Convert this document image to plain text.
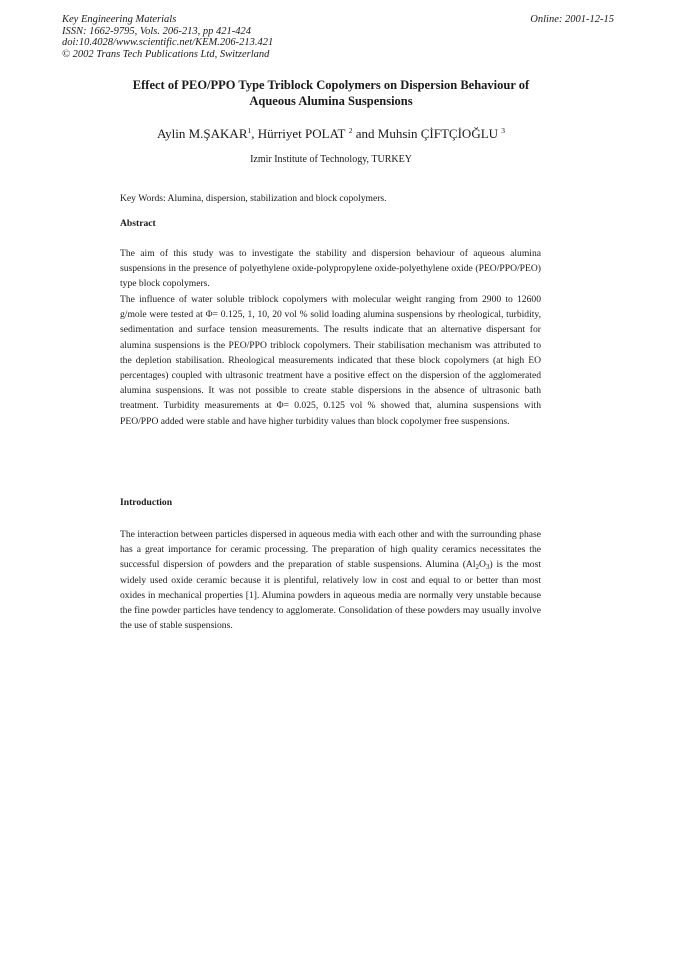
Key Engineering Materials
ISSN: 1662-9795, Vols. 206-213, pp 421-424
doi:10.4028/www.scientific.net/KEM.206-213.421
© 2002 Trans Tech Publications Ltd, Switzerland
Online: 2001-12-15
Effect of PEO/PPO Type Triblock Copolymers on Dispersion Behaviour of
Aqueous Alumina Suspensions
Aylin M.ŞAKAR$^1$, Hürriyet POLAT $^2$ and Muhsin ÇİFTÇİOĞLU $^3$
Izmir Institute of Technology, TURKEY
Key Words: Alumina, dispersion, stabilization and block copolymers.
Abstract
The aim of this study was to investigate the stability and dispersion behaviour of aqueous alumina suspensions in the presence of polyethylene oxide-polypropylene oxide-polyethylene oxide (PEO/PPO/PEO) type block copolymers.
The influence of water soluble triblock copolymers with molecular weight ranging from 2900 to 12600 g/mole were tested at Φ= 0.125, 1, 10, 20 vol % solid loading alumina suspensions by rheological, turbidity, sedimentation and surface tension measurements. The results indicate that an alternative dispersant for alumina suspensions is the PEO/PPO triblock copolymers. Their stabilisation mechanism was attributed to the depletion stabilisation. Rheological measurements indicated that these block copolymers (at high EO percentages) coupled with ultrasonic treatment have a positive effect on the dispersion of the agglomerated alumina suspensions. It was not possible to create stable dispersions in the absence of ultrasonic bath treatment. Turbidity measurements at Φ= 0.025, 0.125 vol % showed that, alumina suspensions with PEO/PPO added were stable and have higher turbidity values than block copolymer free suspensions.
Introduction
The interaction between particles dispersed in aqueous media with each other and with the surrounding phase has a great importance for ceramic processing. The preparation of high quality ceramics necessitates the successful dispersion of powders and the preparation of stable suspensions. Alumina $(Al_2O_3)$ is the most widely used oxide ceramic because it is plentiful, relatively low in cost and equal to or better than most oxides in mechanical properties [1]. Alumina powders in aqueous media are normally very unstable because the fine powder particles have tendency to agglomerate. Consolidation of these powders may usually involve the use of stable suspensions.
